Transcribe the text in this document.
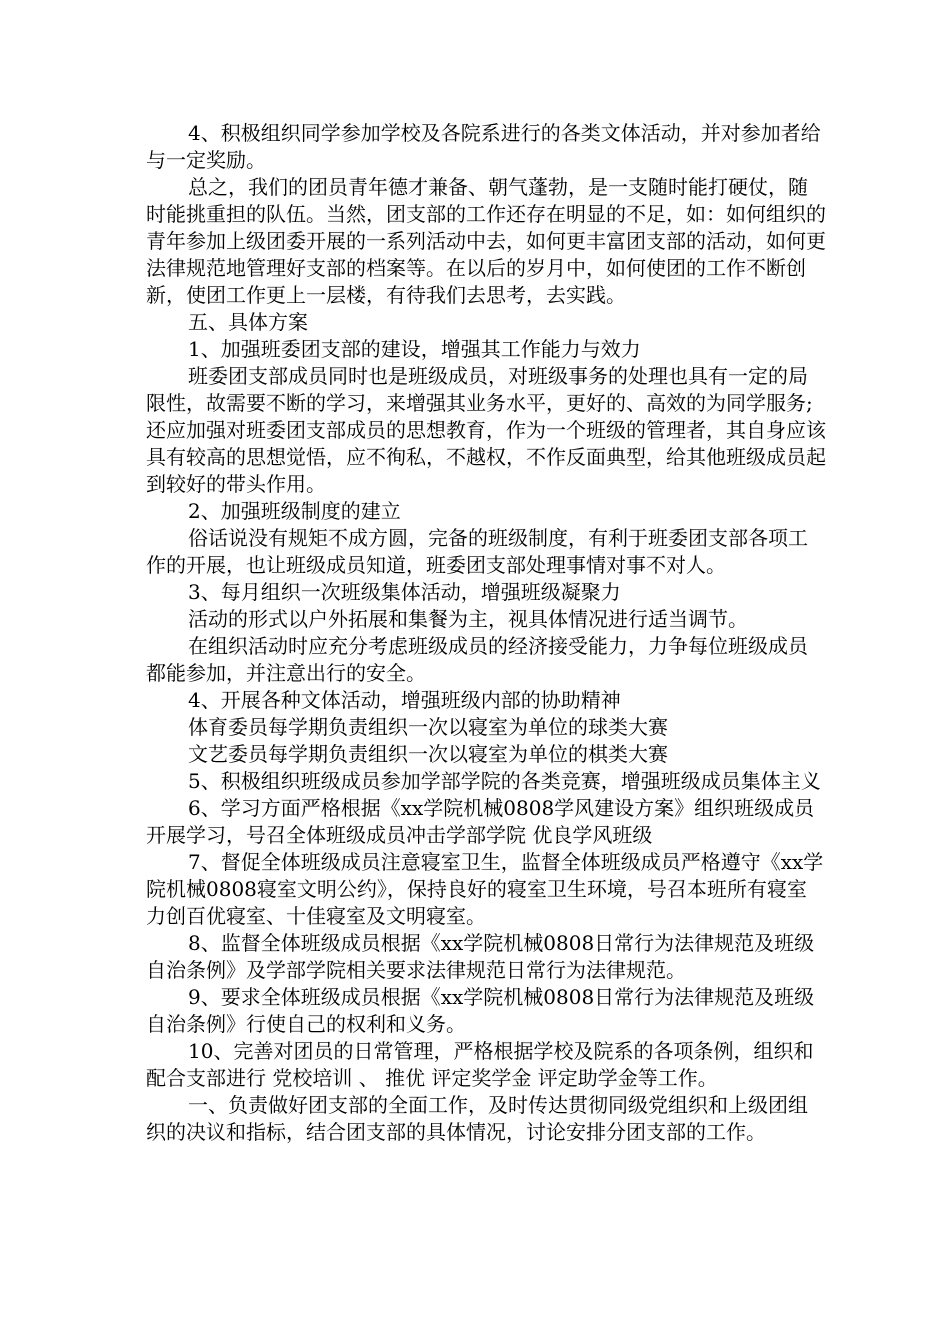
4、积极组织同学参加学校及各院系进行的各类文体活动，并对参加者给与一定奖励。

总之，我们的团员青年德才兼备、朝气蓬勃，是一支随时能打硬仗，随时能挑重担的队伍。当然，团支部的工作还存在明显的不足，如：如何组织的青年参加上级团委开展的一系列活动中去，如何更丰富团支部的活动，如何更法律规范地管理好支部的档案等。在以后的岁月中，如何使团的工作不断创新，使团工作更上一层楼，有待我们去思考，去实践。

五、具体方案

1、加强班委团支部的建设，增强其工作能力与效力

班委团支部成员同时也是班级成员，对班级事务的处理也具有一定的局限性，故需要不断的学习，来增强其业务水平，更好的、高效的为同学服务;还应加强对班委团支部成员的思想教育，作为一个班级的管理者，其自身应该具有较高的思想觉悟，应不徇私，不越权，不作反面典型，给其他班级成员起到较好的带头作用。

2、加强班级制度的建立

俗话说没有规矩不成方圆，完备的班级制度，有利于班委团支部各项工作的开展，也让班级成员知道，班委团支部处理事情对事不对人。

3、每月组织一次班级集体活动，增强班级凝聚力

活动的形式以户外拓展和集餐为主，视具体情况进行适当调节。

在组织活动时应充分考虑班级成员的经济接受能力，力争每位班级成员都能参加，并注意出行的安全。

4、开展各种文体活动，增强班级内部的协助精神

体育委员每学期负责组织一次以寝室为单位的球类大赛

文艺委员每学期负责组织一次以寝室为单位的棋类大赛

5、积极组织班级成员参加学部学院的各类竞赛，增强班级成员集体主义

6、学习方面严格根据《xx学院机械0808学风建设方案》组织班级成员开展学习，号召全体班级成员冲击学部学院 优良学风班级

7、督促全体班级成员注意寝室卫生，监督全体班级成员严格遵守《xx学院机械0808寝室文明公约》，保持良好的寝室卫生环境，号召本班所有寝室力创百优寝室、十佳寝室及文明寝室。

8、监督全体班级成员根据《xx学院机械0808日常行为法律规范及班级自治条例》及学部学院相关要求法律规范日常行为法律规范。

9、要求全体班级成员根据《xx学院机械0808日常行为法律规范及班级自治条例》行使自己的权利和义务。

10、完善对团员的日常管理，严格根据学校及院系的各项条例，组织和配合支部进行 党校培训 、 推优 评定奖学金 评定助学金等工作。

一、负责做好团支部的全面工作，及时传达贯彻同级党组织和上级团组织的决议和指标，结合团支部的具体情况，讨论安排分团支部的工作。
